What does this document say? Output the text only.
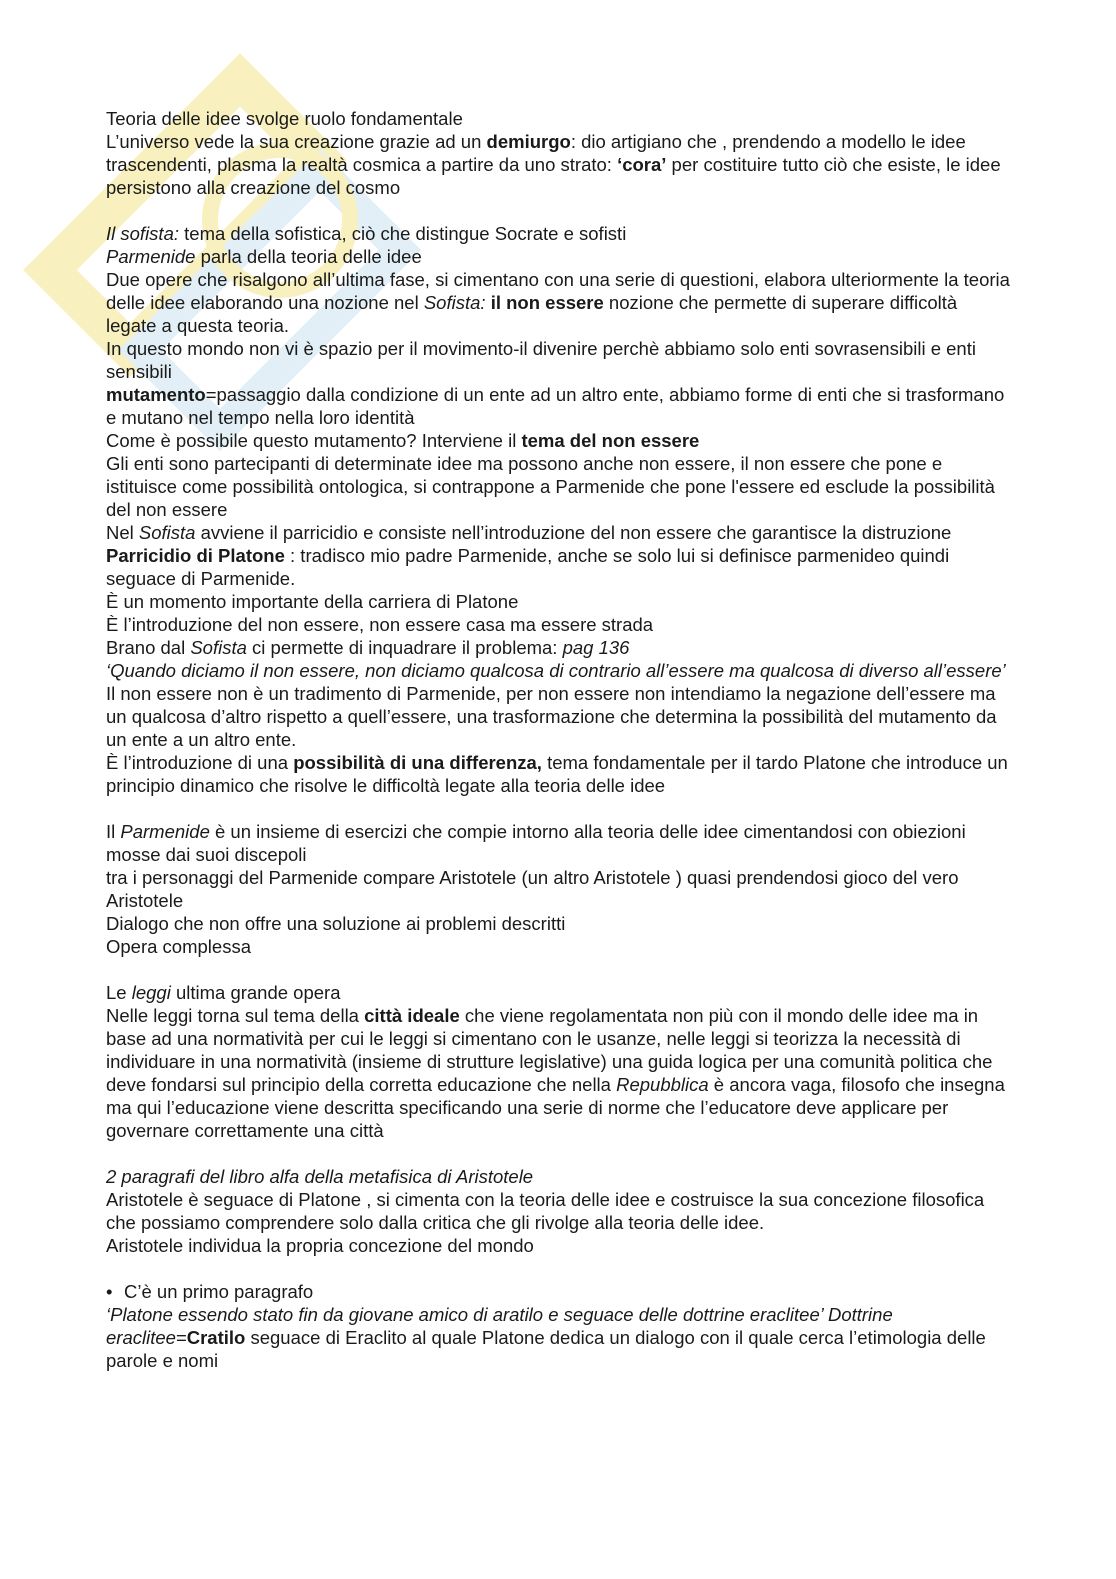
Teoria delle idee svolge ruolo fondamentale

L’universo vede la sua creazione grazie ad un demiurgo: dio artigiano che , prendendo a modello le idee trascendenti, plasma la realtà cosmica a partire da uno strato: ‘cora’ per costituire tutto ciò che esiste, le idee persistono alla creazione del cosmo

Il sofista: tema della sofistica, ciò che distingue Socrate e sofisti

Parmenide parla della teoria delle idee

Due opere che risalgono all’ultima fase, si cimentano con una serie di questioni, elabora ulteriormente la teoria delle idee elaborando una nozione nel Sofista: il non essere nozione che permette di superare difficoltà legate a questa teoria.

In questo mondo non vi è spazio per il movimento-il divenire perchè abbiamo solo enti sovrasensibili e enti sensibili

mutamento=passaggio dalla condizione di un ente ad un altro ente, abbiamo forme di enti che si trasformano e mutano nel tempo nella loro identità

Come è possibile questo mutamento? Interviene il tema del non essere

Gli enti sono partecipanti di determinate idee ma possono anche non essere, il non essere che pone e istituisce come possibilità ontologica, si contrappone a Parmenide che pone l'essere ed esclude la possibilità del non essere

Nel Sofista avviene il parricidio e consiste nell’introduzione del non essere che garantisce la distruzione

Parricidio di Platone : tradisco mio padre Parmenide, anche se solo lui si definisce parmenideo quindi seguace di Parmenide.

È un momento importante della carriera di Platone

È l’introduzione del non essere, non essere casa ma essere strada

Brano dal Sofista ci permette di inquadrare il problema: pag 136

‘Quando diciamo il non essere, non diciamo qualcosa di contrario all’essere ma qualcosa di diverso all’essere’

Il non essere non è un tradimento di Parmenide, per non essere non intendiamo la negazione dell’essere ma un qualcosa d’altro rispetto a quell’essere, una trasformazione che determina la possibilità del mutamento da un ente a un altro ente.

È l’introduzione di una possibilità di una differenza, tema fondamentale per il tardo Platone che introduce un principio dinamico che risolve le difficoltà legate alla teoria delle idee

Il Parmenide è un insieme di esercizi che compie intorno alla teoria delle idee cimentandosi con obiezioni mosse dai suoi discepoli

tra i personaggi del Parmenide compare Aristotele (un altro Aristotele ) quasi prendendosi gioco del vero Aristotele

Dialogo che non offre una soluzione ai problemi descritti

Opera complessa

Le leggi ultima grande opera

Nelle leggi torna sul tema della città ideale che viene regolamentata non più con il mondo delle idee ma in base ad una normatività per cui le leggi si cimentano con le usanze, nelle leggi si teorizza la necessità di individuare in una normatività (insieme di strutture legislative) una guida logica per una comunità politica che deve fondarsi sul principio della corretta educazione che nella Repubblica è ancora vaga, filosofo che insegna ma qui l’educazione viene descritta specificando una serie di norme che l’educatore deve applicare per governare correttamente una città

2 paragrafi del libro alfa della metafisica di Aristotele

Aristotele è seguace di Platone , si cimenta con la teoria delle idee e costruisce la sua concezione filosofica che possiamo comprendere solo dalla critica che gli rivolge alla teoria delle idee.

Aristotele individua la propria concezione del mondo

• C’è un primo paragrafo

‘Platone essendo stato fin da giovane amico di aratilo e seguace delle dottrine eraclitee’ Dottrine eraclitee=Cratilo seguace di Eraclito al quale Platone dedica un dialogo con il quale cerca l’etimologia delle parole e nomi
